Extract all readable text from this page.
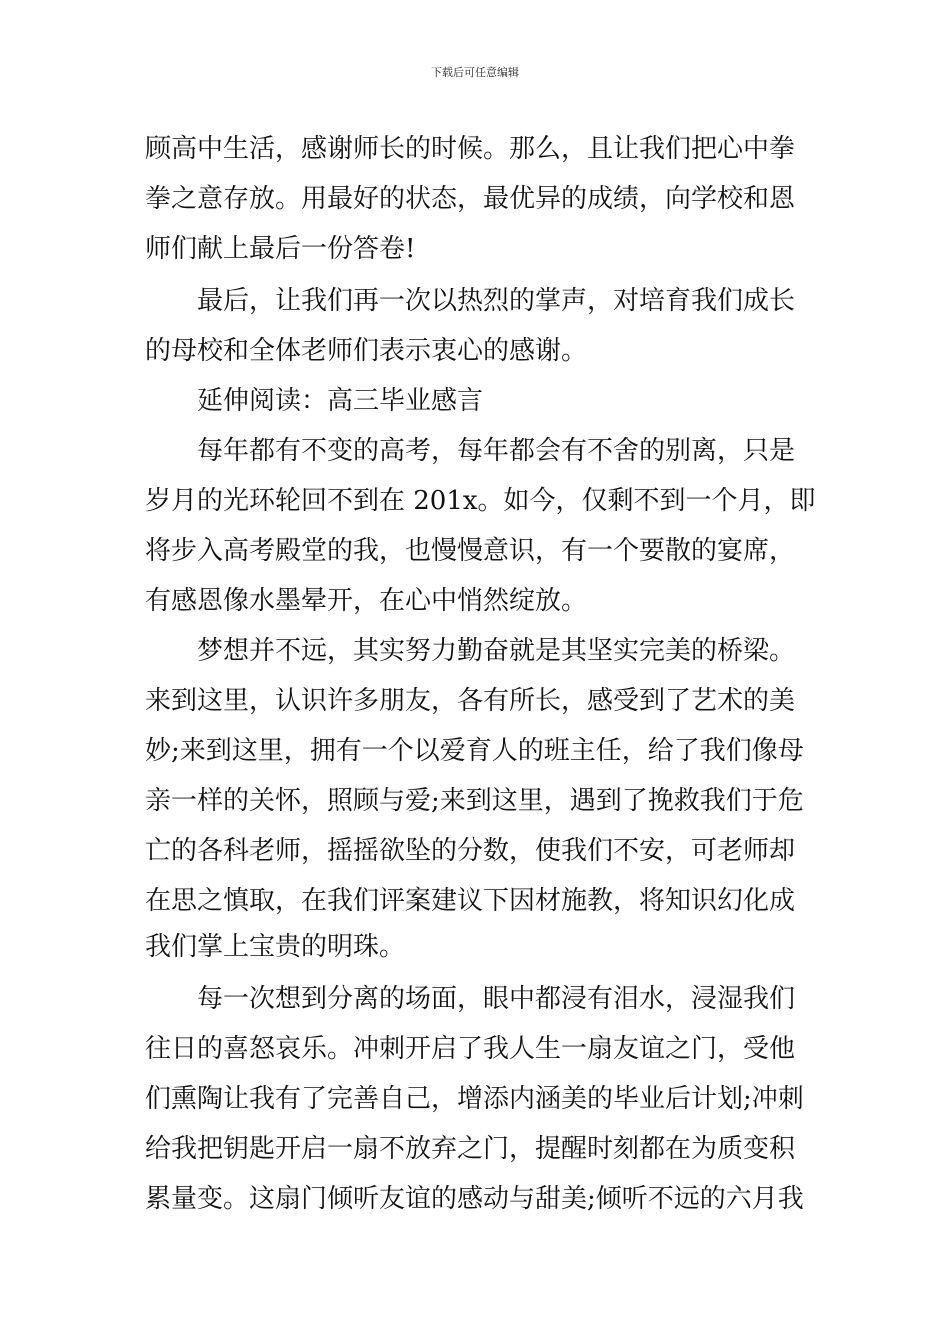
下载后可任意编辑
顾高中生活，感谢师长的时候。那么，且让我们把心中拳
拳之意存放。用最好的状态，最优异的成绩，向学校和恩
师们献上最后一份答卷!
最后，让我们再一次以热烈的掌声，对培育我们成长
的母校和全体老师们表示衷心的感谢。
延伸阅读：高三毕业感言
每年都有不变的高考，每年都会有不舍的别离，只是
岁月的光环轮回不到在 201x。如今，仅剩不到一个月，即
将步入高考殿堂的我，也慢慢意识，有一个要散的宴席，
有感恩像水墨晕开，在心中悄然绽放。
梦想并不远，其实努力勤奋就是其坚实完美的桥梁。
来到这里，认识许多朋友，各有所长，感受到了艺术的美
妙;来到这里，拥有一个以爱育人的班主任，给了我们像母
亲一样的关怀，照顾与爱;来到这里，遇到了挽救我们于危
亡的各科老师，摇摇欲坠的分数，使我们不安，可老师却
在思之慎取，在我们评案建议下因材施教，将知识幻化成
我们掌上宝贵的明珠。
每一次想到分离的场面，眼中都浸有泪水，浸湿我们
往日的喜怒哀乐。冲刺开启了我人生一扇友谊之门，受他
们熏陶让我有了完善自己，增添内涵美的毕业后计划;冲刺
给我把钥匙开启一扇不放弃之门，提醒时刻都在为质变积
累量变。这扇门倾听友谊的感动与甜美;倾听不远的六月我
